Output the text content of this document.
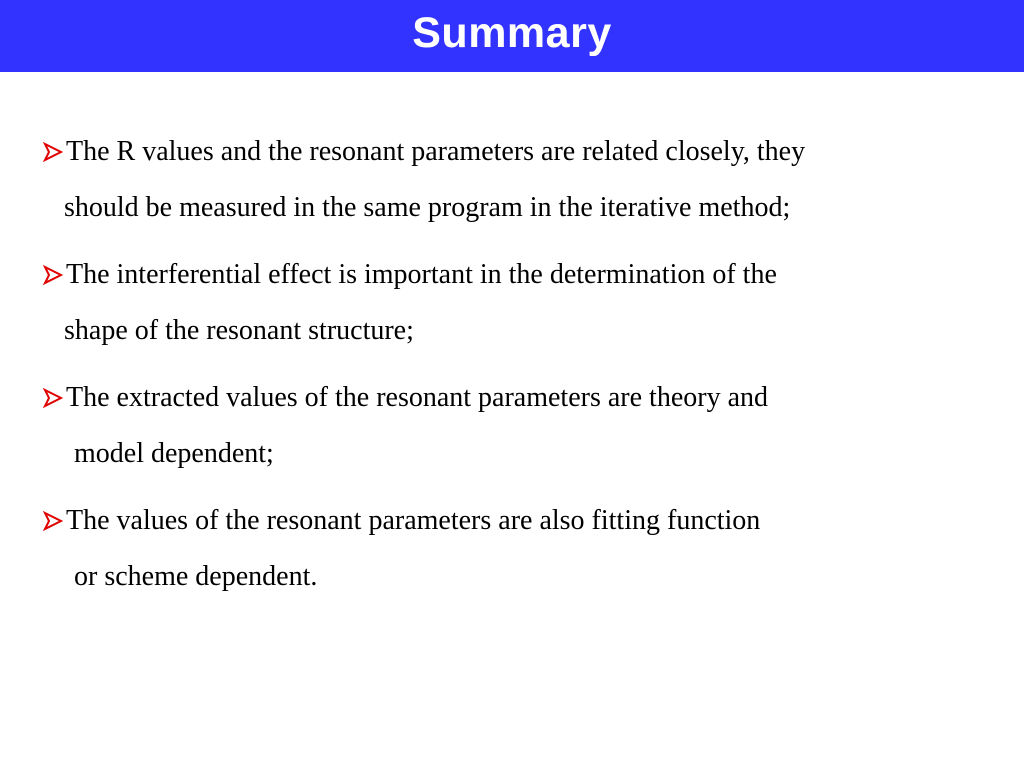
Summary
The R values and the resonant parameters are related closely, they
should be measured in the same program in the iterative method;
The interferential effect is important in the determination of the
shape of the resonant structure;
The extracted values of the resonant parameters are theory and
model dependent;
The values of the resonant parameters are also fitting function
or scheme dependent.
